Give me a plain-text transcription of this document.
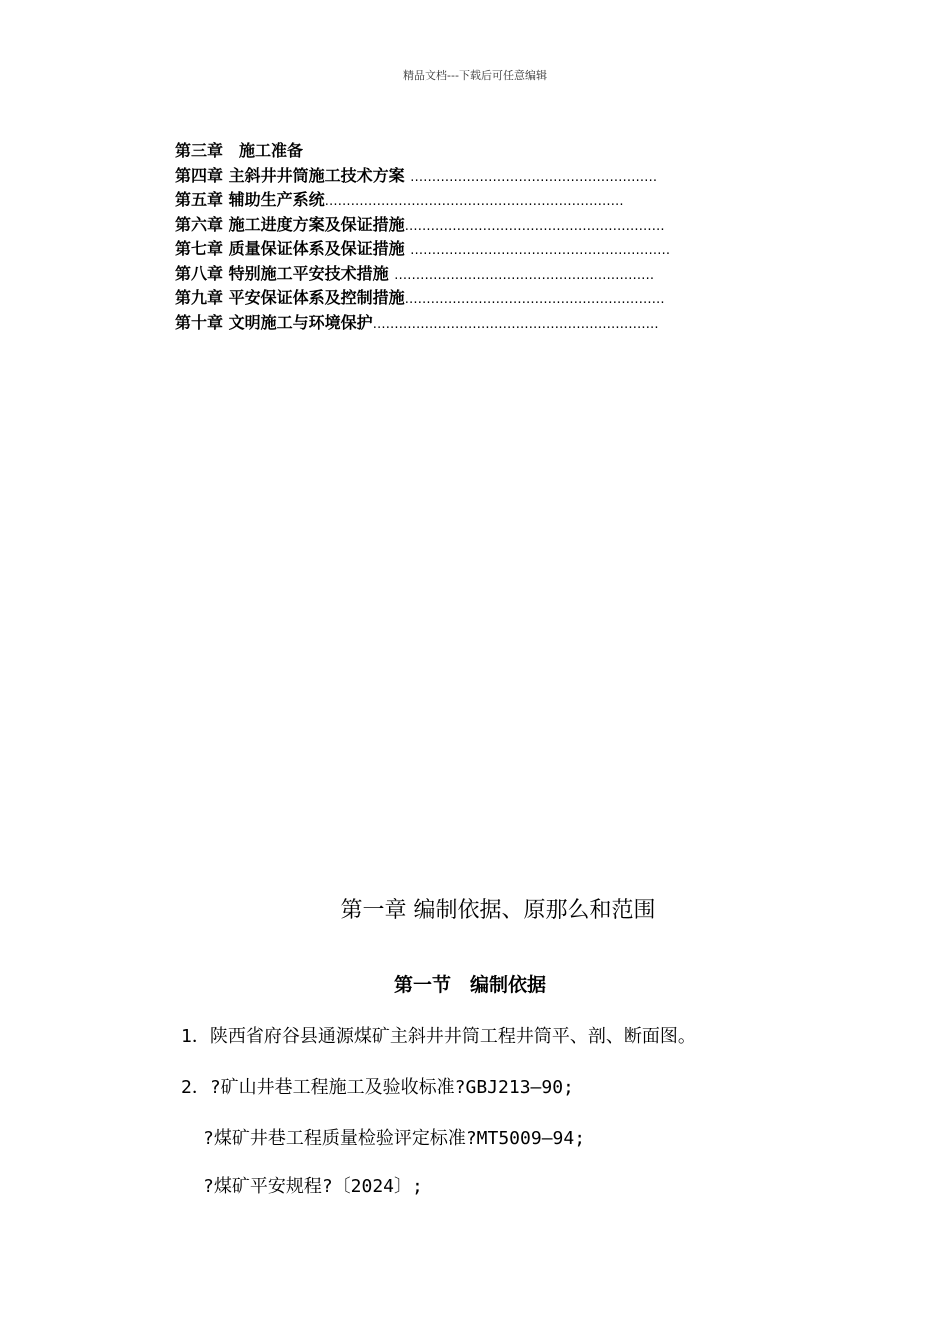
精品文档---下载后可任意编辑
第三章　施工准备
第四章 主斜井井筒施工技术方案 …………………………………………………
第五章 辅助生产系统……………………………………………………………
第六章 施工进度方案及保证措施……………………………………………………
第七章 质量保证体系及保证措施 ……………………………………………………
第八章 特别施工平安技术措施 ……………………………………………………
第九章 平安保证体系及控制措施……………………………………………………
第十章 文明施工与环境保护…………………………………………………………
第一章 编制依据、原那么和范围
第一节　编制依据
1．陕西省府谷县通源煤矿主斜井井筒工程井筒平、剖、断面图。
2．?矿山井巷工程施工及验收标准?GBJ213—90;
?煤矿井巷工程质量检验评定标准?MT5009—94;
?煤矿平安规程?〔2024〕;
